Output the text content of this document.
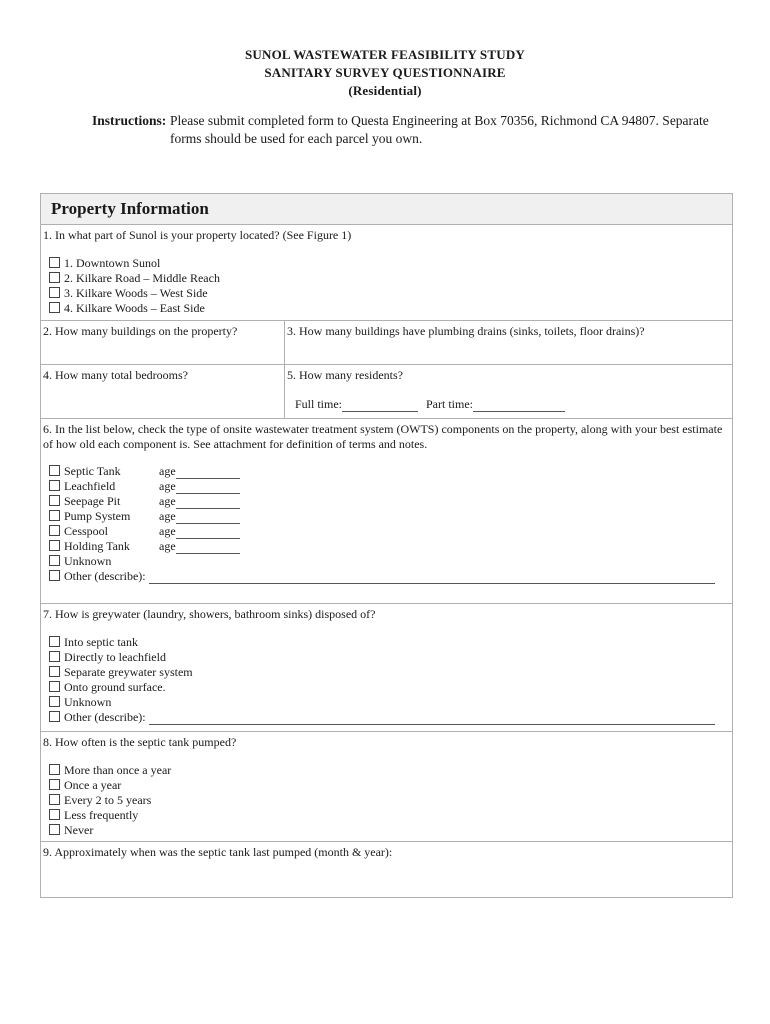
SUNOL WASTEWATER FEASIBILITY STUDY
SANITARY SURVEY QUESTIONNAIRE
(Residential)
Instructions: Please submit completed form to Questa Engineering at Box 70356, Richmond CA 94807. Separate forms should be used for each parcel you own.
Property Information
1. In what part of Sunol is your property located? (See Figure 1)
1. Downtown Sunol
2. Kilkare Road – Middle Reach
3. Kilkare Woods – West Side
4. Kilkare Woods – East Side
2. How many buildings on the property?	3. How many buildings have plumbing drains (sinks, toilets, floor drains)?
4. How many total bedrooms?	5. How many residents?
Full time:	Part time:
6. In the list below, check the type of onsite wastewater treatment system (OWTS) components on the property, along with your best estimate of how old each component is. See attachment for definition of terms and notes.
Septic Tank	age
Leachfield	age
Seepage Pit	age
Pump System age
Cesspool	age
Holding Tank age
Unknown
Other (describe):
7. How is greywater (laundry, showers, bathroom sinks) disposed of?
Into septic tank
Directly to leachfield
Separate greywater system
Onto ground surface.
Unknown
Other (describe):
8. How often is the septic tank pumped?
More than once a year
Once a year
Every 2 to 5 years
Less frequently
Never
9. Approximately when was the septic tank last pumped (month & year):
